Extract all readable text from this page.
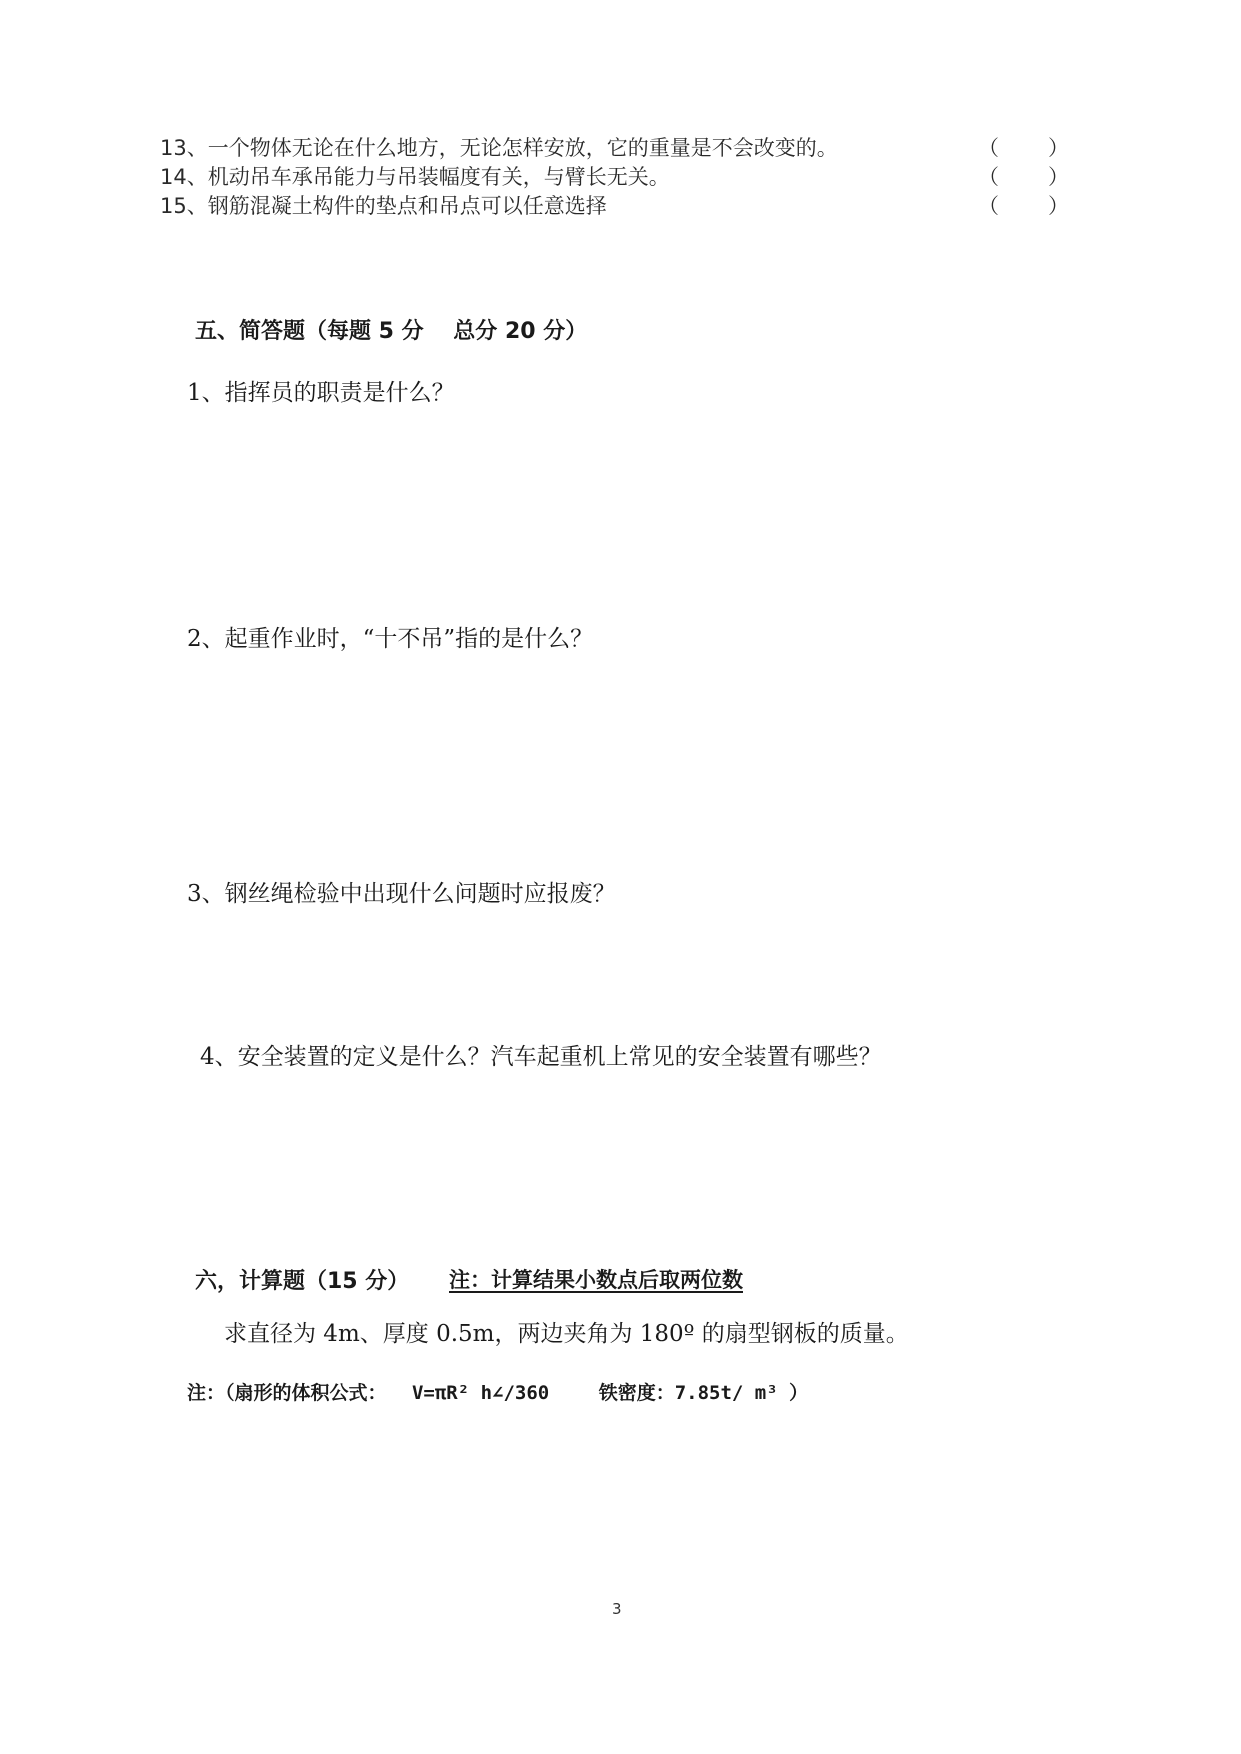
13、一个物体无论在什么地方，无论怎样安放，它的重量是不会改变的。	（ ）
14、机动吊车承吊能力与吊装幅度有关，与臂长无关。	（ ）
15、钢筋混凝土构件的垫点和吊点可以任意选择	（ ）
五、简答题（每题 5 分　 总分 20 分）
1、指挥员的职责是什么？
2、起重作业时，“十不吊”指的是什么？
3、钢丝绳检验中出现什么问题时应报废？
4、安全装置的定义是什么？汽车起重机上常见的安全装置有哪些？
六，计算题（15 分） 注：计算结果小数点后取两位数
求直径为 4m、厚度 0.5m，两边夹角为 180º 的扇型钢板的质量。
注：（扇形的体积公式： V=πR² h∠/360	铁密度：7.85t/ m³ ）
3
